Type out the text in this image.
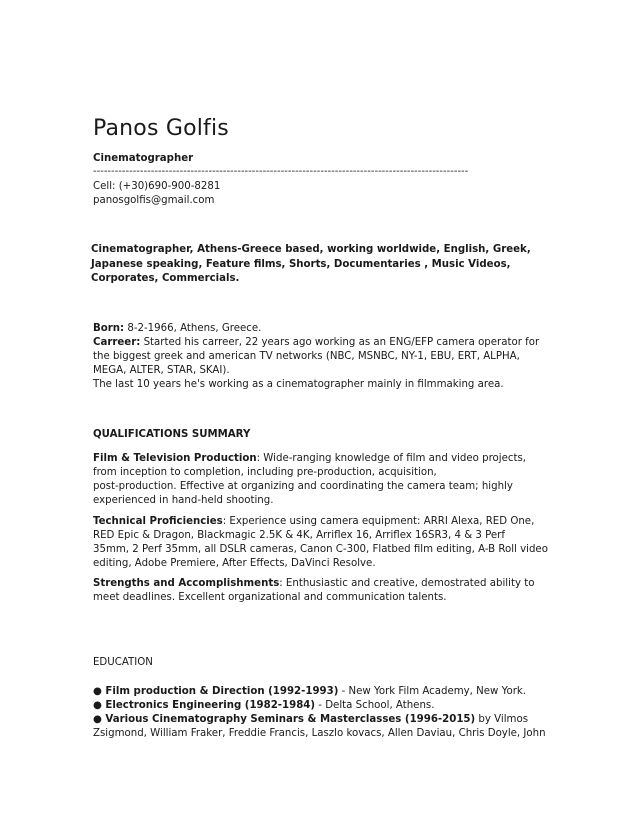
Panos Golfis
Cinematographer
--------------------------------------------------------------------------------------------------------
Cell: (+30)690-900-8281
panosgolfis@gmail.com
Cinematographer, Athens-Greece based, working worldwide, English, Greek,
Japanese speaking, Feature films, Shorts, Documentaries , Music Videos,
Corporates, Commercials.
Born: 8-2-1966, Athens, Greece.
Carreer: Started his carreer, 22 years ago working as an ENG/EFP camera operator for
the biggest greek and american TV networks (NBC, MSNBC, NY-1, EBU, ERT, ALPHA,
MEGA, ALTER, STAR, SKAI).
The last 10 years he's working as a cinematographer mainly in filmmaking area.
QUALIFICATIONS SUMMARY
Film & Television Production: Wide-ranging knowledge of film and video projects,
from inception to completion, including pre-production, acquisition,
post-production. Effective at organizing and coordinating the camera team; highly
experienced in hand-held shooting.
Technical Proficiencies: Experience using camera equipment: ARRI Alexa, RED One,
RED Epic & Dragon, Blackmagic 2.5K & 4K, Arriflex 16, Arriflex 16SR3, 4 & 3 Perf
35mm, 2 Perf 35mm, all DSLR cameras, Canon C-300, Flatbed film editing, A-B Roll video
editing, Adobe Premiere, After Effects, DaVinci Resolve.
Strengths and Accomplishments: Enthusiastic and creative, demostrated ability to
meet deadlines. Excellent organizational and communication talents.
EDUCATION
● Film production & Direction (1992-1993) - New York Film Academy, New York.
● Electronics Engineering (1982-1984) - Delta School, Athens.
● Various Cinematography Seminars & Masterclasses (1996-2015) by Vilmos
Zsigmond, William Fraker, Freddie Francis, Laszlo kovacs, Allen Daviau, Chris Doyle, John
